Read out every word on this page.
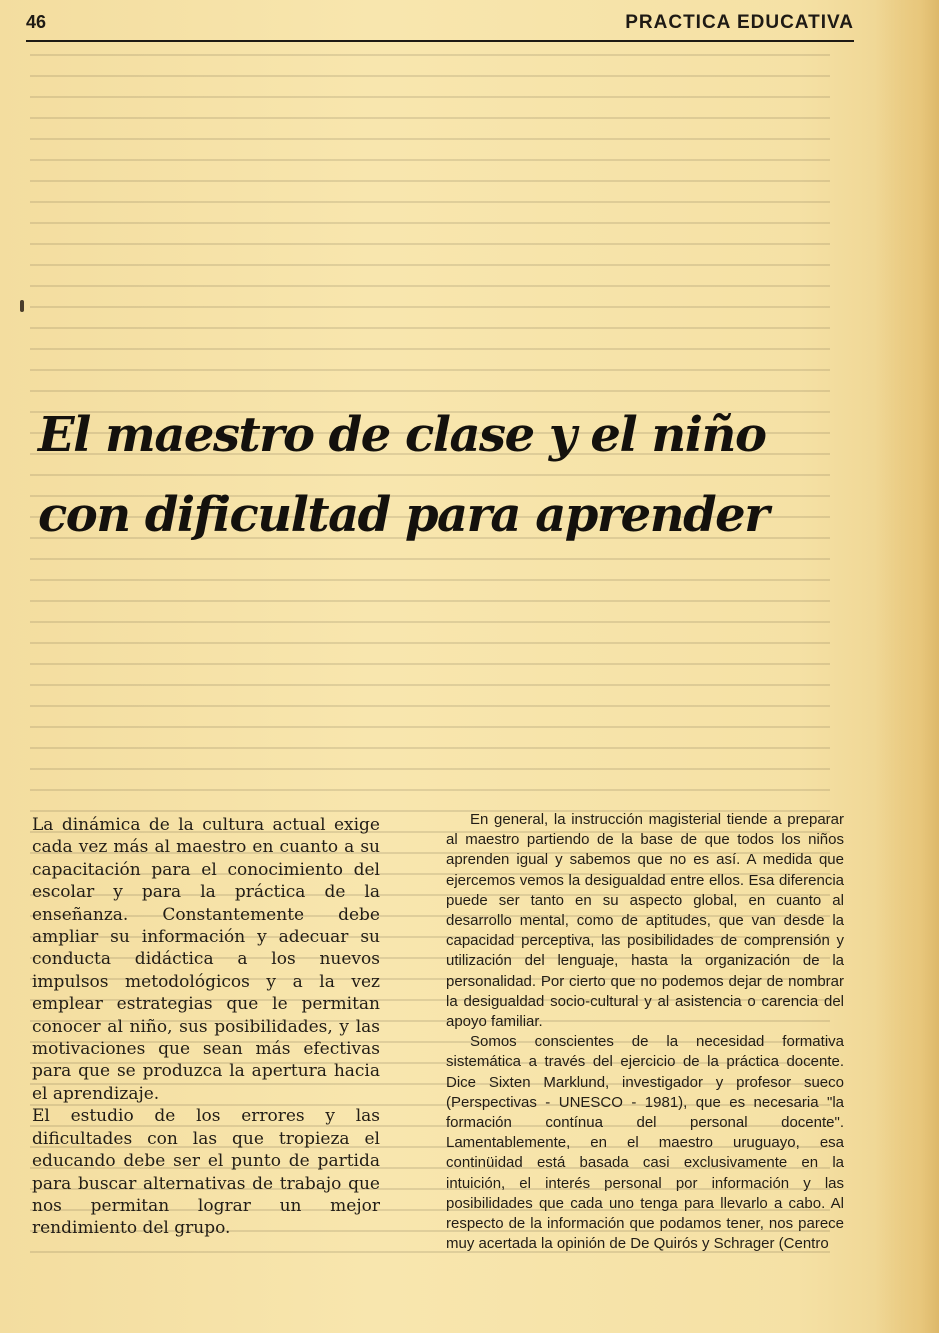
46	PRACTICA EDUCATIVA
El maestro de clase y el niño
con dificultad para aprender

La dinámica de la cultura actual exige cada vez más al maestro en cuanto a su capacitación para el conocimiento del escolar y para la práctica de la enseñanza. Constantemente debe ampliar su información y adecuar su conducta didáctica a los nuevos impulsos metodológicos y a la vez emplear estrategias que le permitan conocer al niño, sus posibilidades, y las motivaciones que sean más efectivas para que se produzca la apertura hacia el aprendizaje.

El estudio de los errores y las dificultades con las que tropieza el educando debe ser el punto de partida para buscar alternativas de trabajo que nos permitan lograr un mejor rendimiento del grupo.

En general, la instrucción magisterial tiende a preparar al maestro partiendo de la base de que todos los niños aprenden igual y sabemos que no es así. A medida que ejercemos vemos la desigualdad entre ellos. Esa diferencia puede ser tanto en su aspecto global, en cuanto al desarrollo mental, como de aptitudes, que van desde la capacidad perceptiva, las posibilidades de comprensión y utilización del lenguaje, hasta la organización de la personalidad. Por cierto que no podemos dejar de nombrar la desigualdad socio-cultural y al asistencia o carencia del apoyo familiar.

Somos conscientes de la necesidad formativa sistemática a través del ejercicio de la práctica docente. Dice Sixten Marklund, investigador y profesor sueco (Perspectivas - UNESCO - 1981), que es necesaria "la formación contínua del personal docente". Lamentablemente, en el maestro uruguayo, esa continüidad está basada casi exclusivamente en la intuición, el interés personal por información y las posibilidades que cada uno tenga para llevarlo a cabo. Al respecto de la información que podamos tener, nos parece muy acertada la opinión de De Quirós y Schrager (Centro
